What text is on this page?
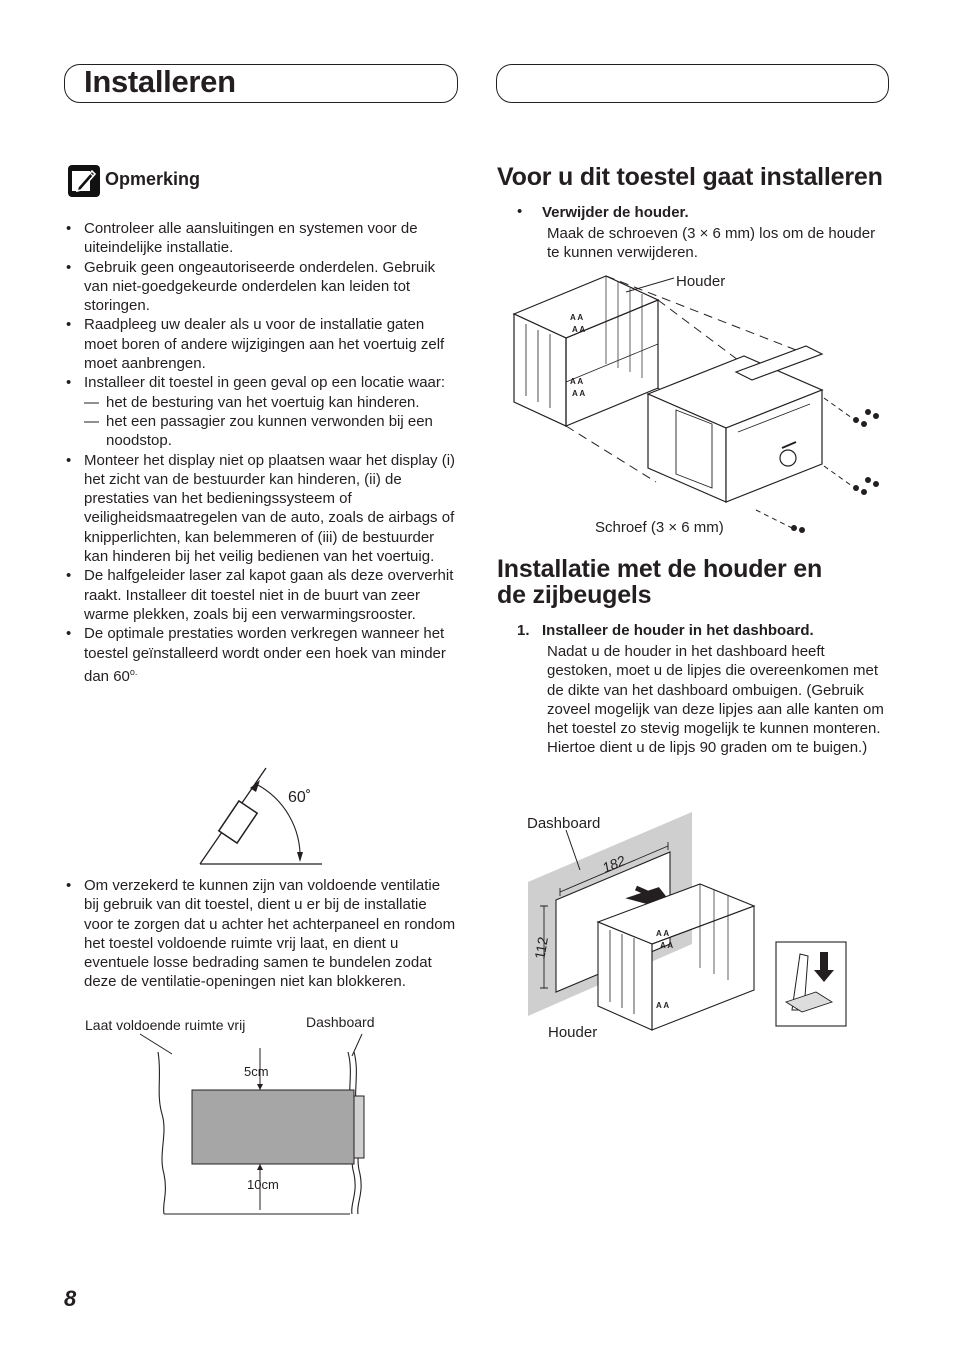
Installeren
Opmerking
• Controleer alle aansluitingen en systemen voor de uiteindelijke installatie.
• Gebruik geen ongeautoriseerde onderdelen. Gebruik van niet-goedgekeurde onderdelen kan leiden tot storingen.
• Raadpleeg uw dealer als u voor de installatie gaten moet boren of andere wijzigingen aan het voertuig zelf moet aanbrengen.
• Installeer dit toestel in geen geval op een locatie waar:
— het de besturing van het voertuig kan hinderen.
— het een passagier zou kunnen verwonden bij een noodstop.
• Monteer het display niet op plaatsen waar het display (i) het zicht van de bestuurder kan hinderen, (ii) de prestaties van het bedieningssysteem of veiligheidsmaatregelen van de auto, zoals de airbags of knipperlichten, kan belemmeren of (iii) de bestuurder kan hinderen bij het veilig bedienen van het voertuig.
• De halfgeleider laser zal kapot gaan als deze oververhit raakt. Installeer dit toestel niet in de buurt van zeer warme plekken, zoals bij een verwarmingsrooster.
• De optimale prestaties worden verkregen wanneer het toestel geïnstalleerd wordt onder een hoek van minder dan $60^{o.}$
60˚
• Om verzekerd te kunnen zijn van voldoende ventilatie bij gebruik van dit toestel, dient u er bij de installatie voor te zorgen dat u achter het achterpaneel en rondom het toestel voldoende ruimte vrij laat, en dient u eventuele losse bedrading samen te bundelen zodat deze de ventilatie-openingen niet kan blokkeren.
Laat voldoende ruimte vrij	Dashboard
5cm
10cm
Voor u dit toestel gaat installeren
• Verwijder de houder.
Maak de schroeven (3 × 6 mm) los om de houder te kunnen verwijderen.
Houder
A A
A A
A A
A A
Schroef (3 × 6 mm)
Installatie met de houder en
de zijbeugels
1. Installeer de houder in het dashboard.
Nadat u de houder in het dashboard heeft gestoken, moet u de lipjes die overeenkomen met de dikte van het dashboard ombuigen. (Gebruik zoveel mogelijk van deze lipjes aan alle kanten om het toestel zo stevig mogelijk te kunnen monteren. Hiertoe dient u de lipjs 90 graden om te buigen.)
Dashboard
A A
A A
A A
182
112
Houder
8
